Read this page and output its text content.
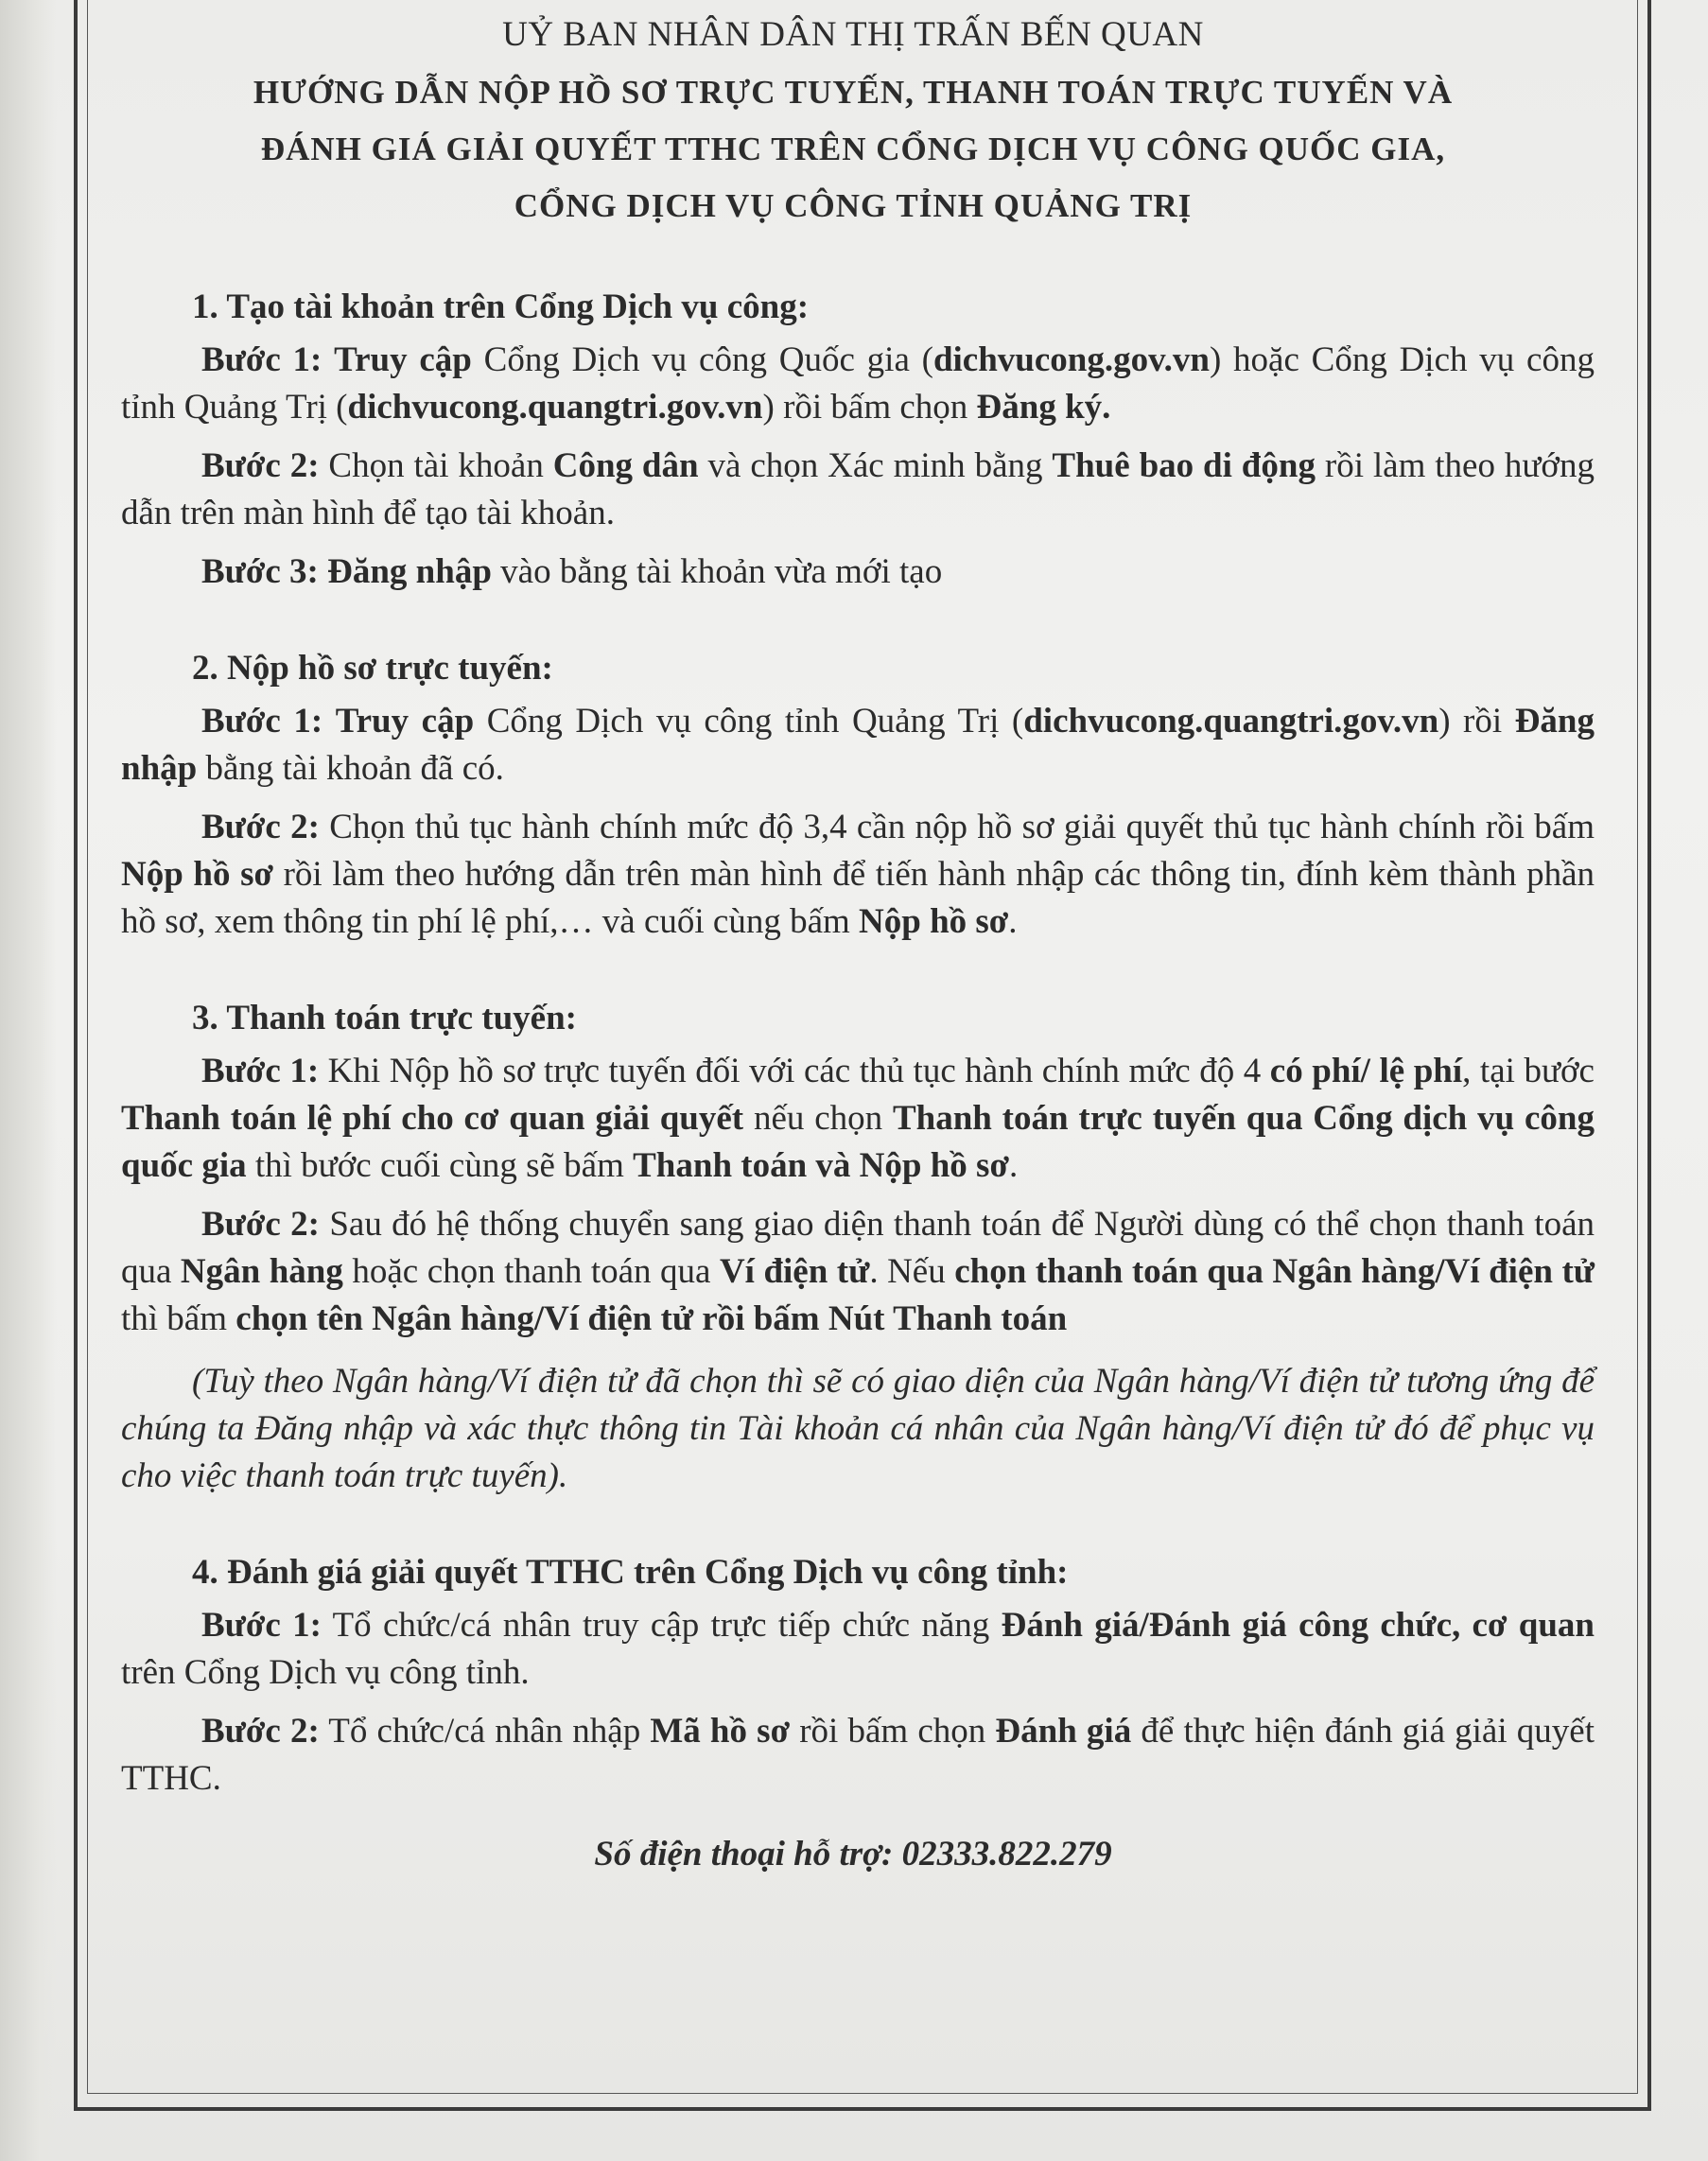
UỶ BAN NHÂN DÂN THỊ TRẤN BẾN QUAN
HƯỚNG DẪN NỘP HỒ SƠ TRỰC TUYẾN, THANH TOÁN TRỰC TUYẾN VÀ
ĐÁNH GIÁ GIẢI QUYẾT TTHC TRÊN CỔNG DỊCH VỤ CÔNG QUỐC GIA,
CỔNG DỊCH VỤ CÔNG TỈNH QUẢNG TRỊ
1. Tạo tài khoản trên Cổng Dịch vụ công:

Bước 1: Truy cập Cổng Dịch vụ công Quốc gia (dichvucong.gov.vn) hoặc Cổng Dịch vụ công tỉnh Quảng Trị (dichvucong.quangtri.gov.vn) rồi bấm chọn Đăng ký.

Bước 2: Chọn tài khoản Công dân và chọn Xác minh bằng Thuê bao di động rồi làm theo hướng dẫn trên màn hình để tạo tài khoản.

Bước 3: Đăng nhập vào bằng tài khoản vừa mới tạo

2. Nộp hồ sơ trực tuyến:

Bước 1: Truy cập Cổng Dịch vụ công tỉnh Quảng Trị (dichvucong.quangtri.gov.vn) rồi Đăng nhập bằng tài khoản đã có.

Bước 2: Chọn thủ tục hành chính mức độ 3,4 cần nộp hồ sơ giải quyết thủ tục hành chính rồi bấm Nộp hồ sơ rồi làm theo hướng dẫn trên màn hình để tiến hành nhập các thông tin, đính kèm thành phần hồ sơ, xem thông tin phí lệ phí,… và cuối cùng bấm Nộp hồ sơ.

3. Thanh toán trực tuyến:

Bước 1: Khi Nộp hồ sơ trực tuyến đối với các thủ tục hành chính mức độ 4 có phí/ lệ phí, tại bước Thanh toán lệ phí cho cơ quan giải quyết nếu chọn Thanh toán trực tuyến qua Cổng dịch vụ công quốc gia thì bước cuối cùng sẽ bấm Thanh toán và Nộp hồ sơ.

Bước 2: Sau đó hệ thống chuyển sang giao diện thanh toán để Người dùng có thể chọn thanh toán qua Ngân hàng hoặc chọn thanh toán qua Ví điện tử. Nếu chọn thanh toán qua Ngân hàng/Ví điện tử thì bấm chọn tên Ngân hàng/Ví điện tử rồi bấm Nút Thanh toán

(Tuỳ theo Ngân hàng/Ví điện tử đã chọn thì sẽ có giao diện của Ngân hàng/Ví điện tử tương ứng để chúng ta Đăng nhập và xác thực thông tin Tài khoản cá nhân của Ngân hàng/Ví điện tử đó để phục vụ cho việc thanh toán trực tuyến).

4. Đánh giá giải quyết TTHC trên Cổng Dịch vụ công tỉnh:

Bước 1: Tổ chức/cá nhân truy cập trực tiếp chức năng Đánh giá/Đánh giá công chức, cơ quan trên Cổng Dịch vụ công tỉnh.

Bước 2: Tổ chức/cá nhân nhập Mã hồ sơ rồi bấm chọn Đánh giá để thực hiện đánh giá giải quyết TTHC.

Số điện thoại hỗ trợ: 02333.822.279
